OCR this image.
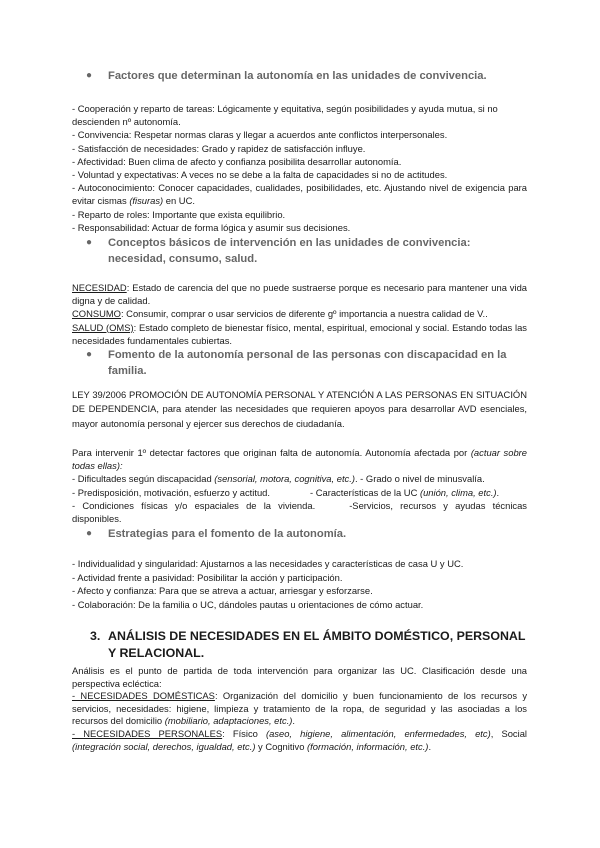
●	Factores que determinan la autonomía en las unidades de convivencia.
- Cooperación y reparto de tareas: Lógicamente y equitativa, según posibilidades y ayuda mutua, si no descienden nº autonomía.
- Convivencia: Respetar normas claras y llegar a acuerdos ante conflictos interpersonales.
- Satisfacción de necesidades: Grado y rapidez de satisfacción influye.
- Afectividad: Buen clima de afecto y confianza posibilita desarrollar autonomía.
- Voluntad y expectativas: A veces no se debe a la falta de capacidades si no de actitudes.
- Autoconocimiento: Conocer capacidades, cualidades, posibilidades, etc. Ajustando nivel de exigencia para evitar cismas (fisuras) en UC.
- Reparto de roles: Importante que exista equilibrio.
- Responsabilidad: Actuar de forma lógica y asumir sus decisiones.
●	Conceptos básicos de intervención en las unidades de convivencia: necesidad, consumo, salud.
NECESIDAD: Estado de carencia del que no puede sustraerse porque es necesario para mantener una vida digna y de calidad.
CONSUMO: Consumir, comprar o usar servicios de diferente gº importancia a nuestra calidad de V..
SALUD (OMS): Estado completo de bienestar físico, mental, espiritual, emocional y social. Estando todas las necesidades fundamentales cubiertas.
●	Fomento de la autonomía personal de las personas con discapacidad en la familia.
LEY 39/2006 PROMOCIÓN DE AUTONOMÍA PERSONAL Y ATENCIÓN A LAS PERSONAS EN SITUACIÓN DE DEPENDENCIA, para atender las necesidades que requieren apoyos para desarrollar AVD esenciales, mayor autonomía personal y ejercer sus derechos de ciudadanía.
Para intervenir 1º detectar factores que originan falta de autonomía. Autonomía afectada por (actuar sobre todas ellas):
- Dificultades según discapacidad (sensorial, motora, cognitiva, etc.). - Grado o nivel de minusvalía.
- Predisposición, motivación, esfuerzo y actitud.	- Características de la UC (unión, clima, etc.).
- Condiciones físicas y/o espaciales de la vivienda.	-Servicios, recursos y ayudas técnicas disponibles.
●	Estrategias para el fomento de la autonomía.
- Individualidad y singularidad: Ajustarnos a las necesidades y características de casa U y UC.
- Actividad frente a pasividad: Posibilitar la acción y participación.
- Afecto y confianza: Para que se atreva a actuar, arriesgar y esforzarse.
- Colaboración: De la familia o UC, dándoles pautas u orientaciones de cómo actuar.
3. ANÁLISIS DE NECESIDADES EN EL ÁMBITO DOMÉSTICO, PERSONAL Y RELACIONAL.
Análisis es el punto de partida de toda intervención para organizar las UC. Clasificación desde una perspectiva ecléctica:
- NECESIDADES DOMÉSTICAS: Organización del domicilio y buen funcionamiento de los recursos y servicios, necesidades: higiene, limpieza y tratamiento de la ropa, de seguridad y las asociadas a los recursos del domicilio (mobiliario, adaptaciones, etc.).
- NECESIDADES PERSONALES: Físico (aseo, higiene, alimentación, enfermedades, etc), Social (integración social, derechos, igualdad, etc.) y Cognitivo (formación, información, etc.).
